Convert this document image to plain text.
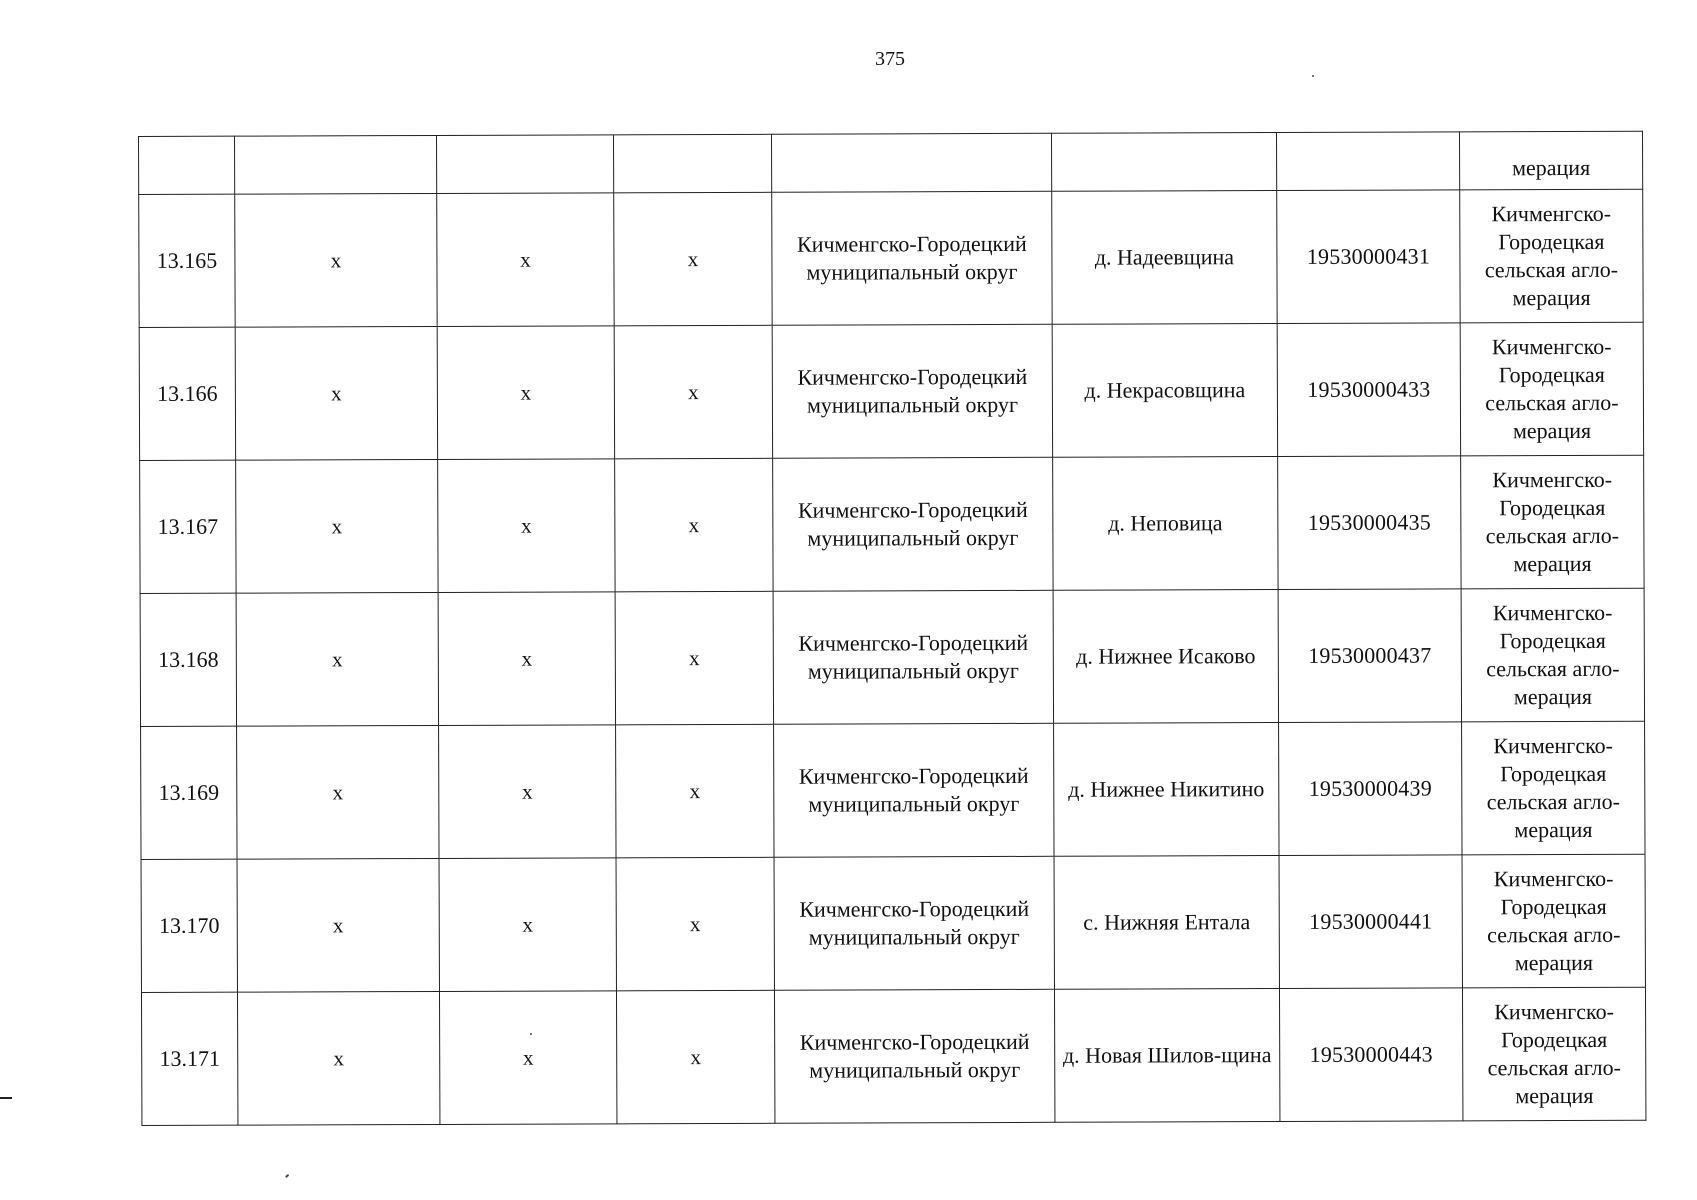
375
							мерация
13.165	x	x	x	Кичменгско-Городецкий муниципальный округ	д. Надеевщина	19530000431	Кичменгско-Городецкая сельская агло-мерация
13.166	x	x	x	Кичменгско-Городецкий муниципальный округ	д. Некрасовщина	19530000433	Кичменгско-Городецкая сельская агло-мерация
13.167	x	x	x	Кичменгско-Городецкий муниципальный округ	д. Неповица	19530000435	Кичменгско-Городецкая сельская агло-мерация
13.168	x	x	x	Кичменгско-Городецкий муниципальный округ	д. Нижнее Исаково	19530000437	Кичменгско-Городецкая сельская агло-мерация
13.169	x	x	x	Кичменгско-Городецкий муниципальный округ	д. Нижнее Никитино	19530000439	Кичменгско-Городецкая сельская агло-мерация
13.170	x	x	x	Кичменгско-Городецкий муниципальный округ	с. Нижняя Ентала	19530000441	Кичменгско-Городецкая сельская агло-мерация
13.171	x	x	x	Кичменгско-Городецкий муниципальный округ	д. Новая Шилов-щина	19530000443	Кичменгско-Городецкая сельская агло-мерация
